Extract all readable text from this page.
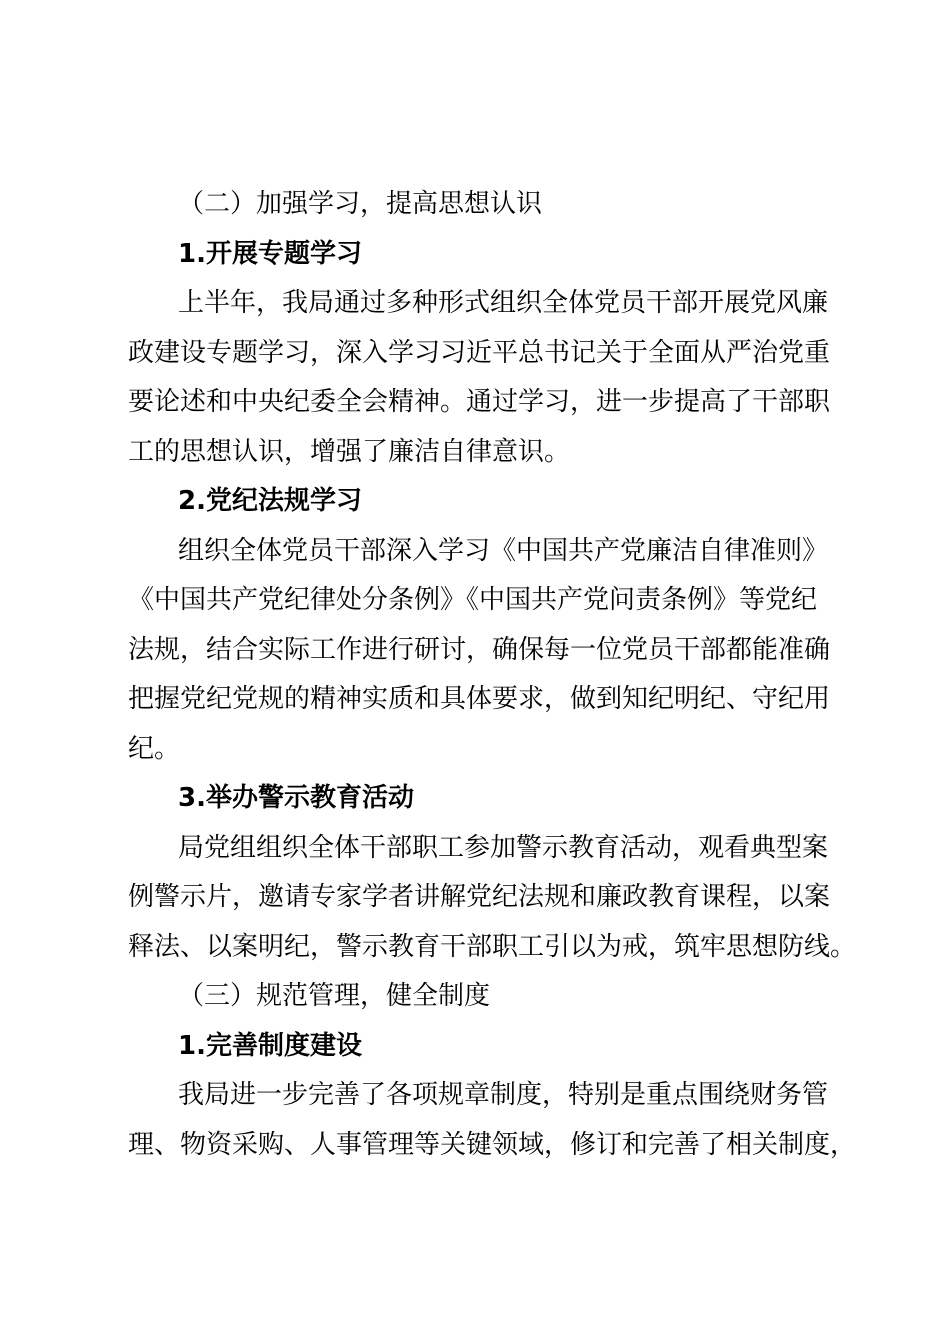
（二）加强学习，提高思想认识
1.开展专题学习
上半年，我局通过多种形式组织全体党员干部开展党风廉
政建设专题学习，深入学习习近平总书记关于全面从严治党重
要论述和中央纪委全会精神。通过学习，进一步提高了干部职
工的思想认识，增强了廉洁自律意识。
2.党纪法规学习
组织全体党员干部深入学习《中国共产党廉洁自律准则》
《中国共产党纪律处分条例》《中国共产党问责条例》等党纪
法规，结合实际工作进行研讨，确保每一位党员干部都能准确
把握党纪党规的精神实质和具体要求，做到知纪明纪、守纪用
纪。
3.举办警示教育活动
局党组组织全体干部职工参加警示教育活动，观看典型案
例警示片，邀请专家学者讲解党纪法规和廉政教育课程，以案
释法、以案明纪，警示教育干部职工引以为戒，筑牢思想防线。
（三）规范管理，健全制度
1.完善制度建设
我局进一步完善了各项规章制度，特别是重点围绕财务管
理、物资采购、人事管理等关键领域，修订和完善了相关制度，
